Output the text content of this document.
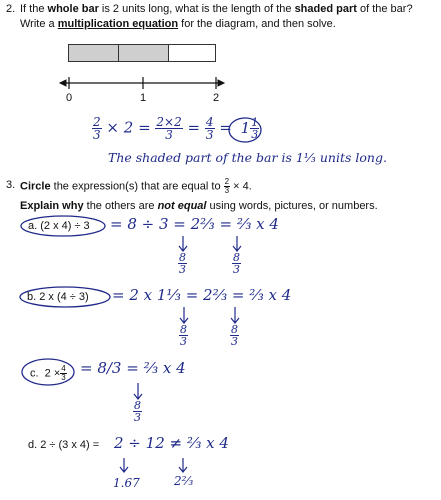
2. If the whole bar is 2 units long, what is the length of the shaded part of the bar?
Write a multiplication equation for the diagram, and then solve.
0	1	2
$\frac{2}{3} \times 2 = \frac{2\times 2}{3} = \frac{4}{3} = 1 \frac{1}{3}$
The shaded part of the bar is 1⅓ units long.
3. Circle the expression(s) that are equal to $\frac{2}{3} \times 4$.
Explain why the others are not equal using words, pictures, or numbers.
a. (2 x 4) ÷ 3 = 8 ÷ 3 = 2⅔ = ⅔ x 4
$\frac{8}{3}$	$\frac{8}{3}$
b. 2 x (4 ÷ 3) = 2 x 1⅓ = 2⅔ = ⅔ x 4
$\frac{8}{3}$	$\frac{8}{3}$
c.  $2 \times \frac{4}{3} = 8/3$ = ⅔ x 4
$\frac{8}{3}$
d. 2 ÷ (3 x 4) = 2 ÷ 12 ≠ ⅔ x 4
1.67	2⅔
